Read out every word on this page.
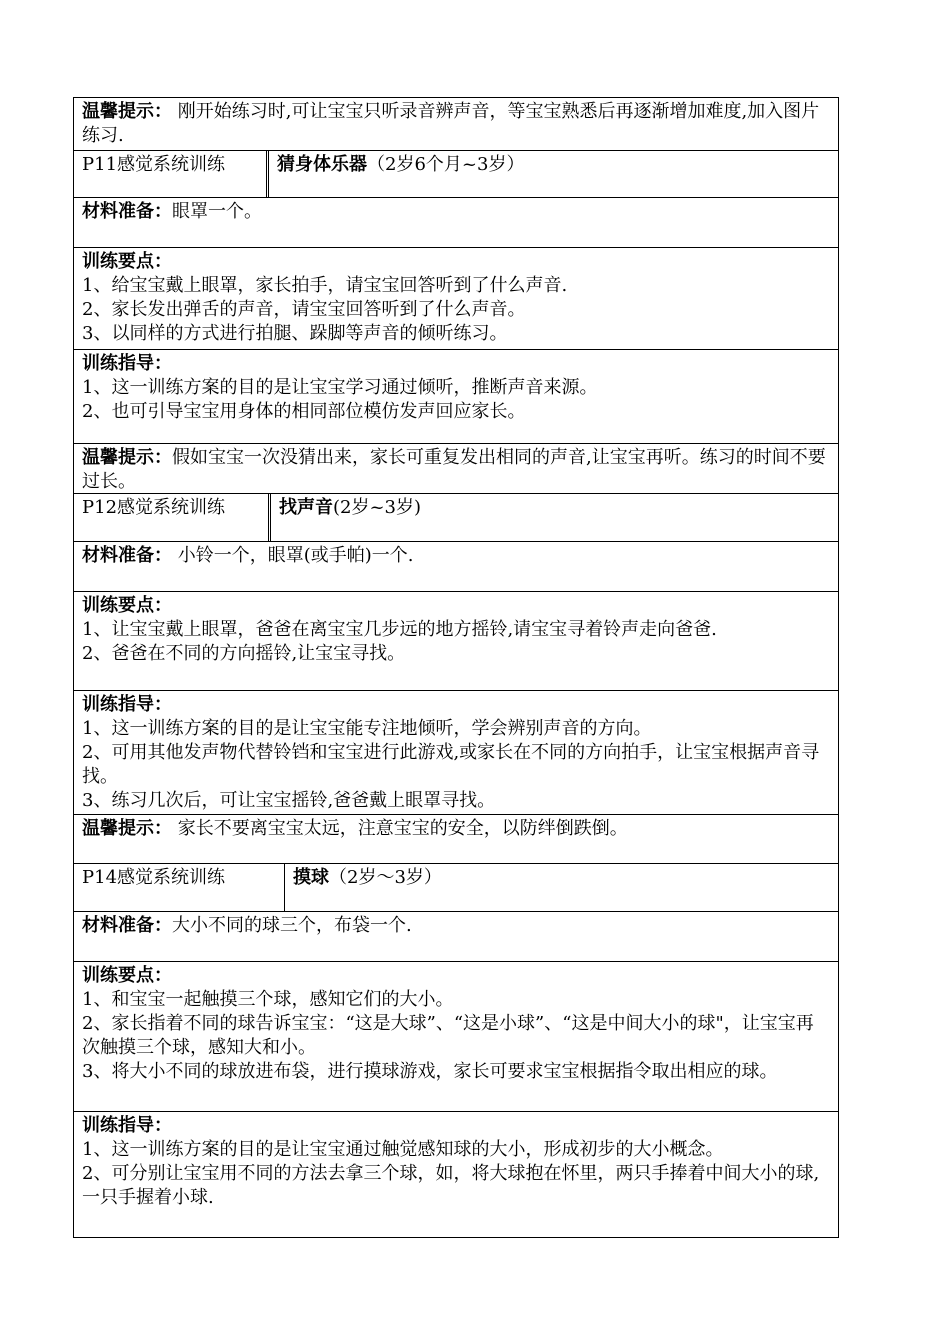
温馨提示： 刚开始练习时,可让宝宝只听录音辨声音，等宝宝熟悉后再逐渐增加难度,加入图片练习.
P11感觉系统训练	猜身体乐器（2岁6个月~3岁）
材料准备：眼罩一个。
训练要点：
1、给宝宝戴上眼罩，家长拍手，请宝宝回答听到了什么声音.
2、家长发出弹舌的声音，请宝宝回答听到了什么声音。
3、以同样的方式进行拍腿、跺脚等声音的倾听练习。
训练指导：
1、这一训练方案的目的是让宝宝学习通过倾听，推断声音来源。
2、也可引导宝宝用身体的相同部位模仿发声回应家长。
温馨提示：假如宝宝一次没猜出来，家长可重复发出相同的声音,让宝宝再听。练习的时间不要过长。
P12感觉系统训练	找声音(2岁~3岁)
材料准备： 小铃一个，眼罩(或手帕)一个.
训练要点：
1、让宝宝戴上眼罩，爸爸在离宝宝几步远的地方摇铃,请宝宝寻着铃声走向爸爸.
2、爸爸在不同的方向摇铃,让宝宝寻找。
训练指导：
1、这一训练方案的目的是让宝宝能专注地倾听，学会辨别声音的方向。
2、可用其他发声物代替铃铛和宝宝进行此游戏,或家长在不同的方向拍手，让宝宝根据声音寻找。
3、练习几次后，可让宝宝摇铃,爸爸戴上眼罩寻找。
温馨提示： 家长不要离宝宝太远，注意宝宝的安全，以防绊倒跌倒。
P14感觉系统训练	摸球（2岁～3岁）
材料准备：大小不同的球三个，布袋一个.
训练要点：
1、和宝宝一起触摸三个球，感知它们的大小。
2、家长指着不同的球告诉宝宝：“这是大球”、“这是小球”、“这是中间大小的球"，让宝宝再次触摸三个球，感知大和小。
3、将大小不同的球放进布袋，进行摸球游戏，家长可要求宝宝根据指令取出相应的球。
训练指导：
1、这一训练方案的目的是让宝宝通过触觉感知球的大小，形成初步的大小概念。
2、可分别让宝宝用不同的方法去拿三个球，如，将大球抱在怀里，两只手捧着中间大小的球,一只手握着小球.
